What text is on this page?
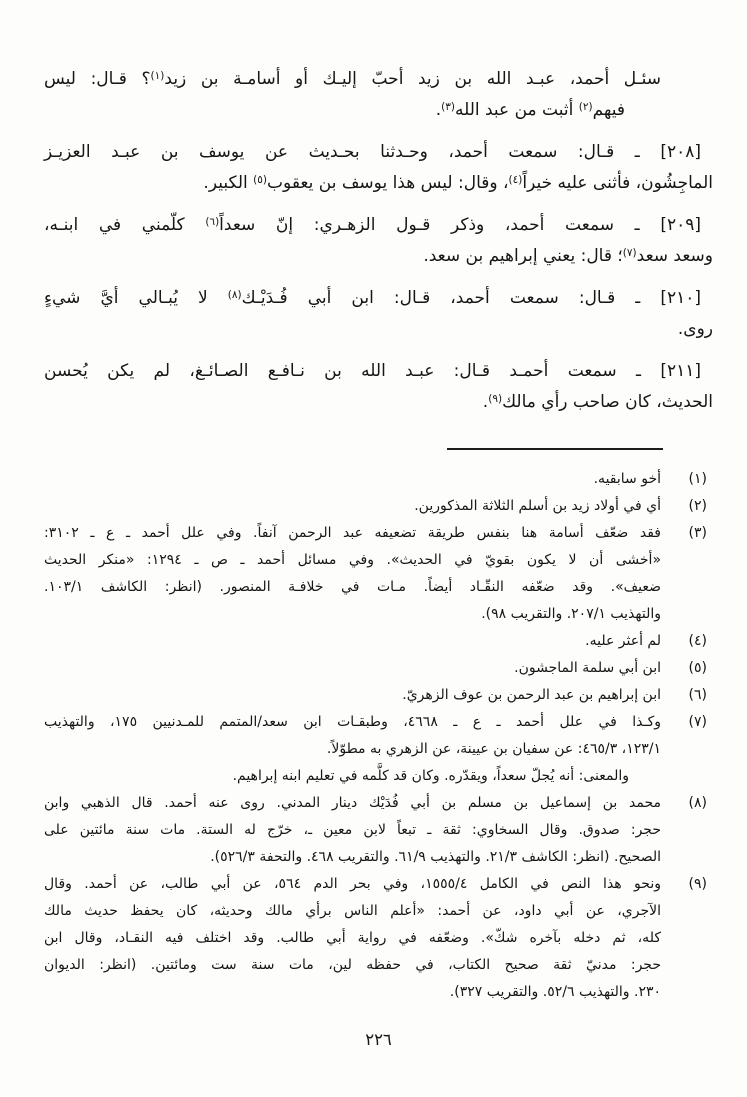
سئـل أحمد، عبـد الله بن زيد أحبّ إليـك أو أسامـة بن زيد$^{(١)}$؟ قـال: ليس
فيهم$^{(٢)}$ أثبت من عبد الله$^{(٣)}$.

[٢٠٨] ـ قـال: سمعت أحمد، وحـدثنا بحـديث عن يوسف بن عبـد العزيـز
الماجِشُون، فأثنى عليه خيراً$^{(٤)}$، وقال: ليس هذا يوسف بن يعقوب$^{(٥)}$ الكبير.

[٢٠٩] ـ سمعت أحمد، وذكر قـول الزهـري: إنّ سعداً$^{(٦)}$ كلّمني في ابنـه،
وسعد سعد$^{(٧)}$؛ قال: يعني إبراهيم بن سعد.

[٢١٠] ـ قـال: سمعت أحمد، قـال: ابن أبي فُـدَيْـك$^{(٨)}$ لا يُبـالي أيَّ شيءٍ
روى.

[٢١١] ـ سمعت أحمـد قـال: عبـد الله بن نـافـع الصـائـغ، لم يكن يُحسن
الحديث، كان صاحب رأي مالك$^{(٩)}$.

(١)
أخو سابقيه.
(٢)
أي في أولاد زيد بن أسلم الثلاثة المذكورين.
(٣)
فقد ضعّف أسامة هنا بنفس طريقة تضعيفه عبد الرحمن آنفاً. وفي علل أحمد ـ ع ـ ٣١٠٢:
«أخشى أن لا يكون بقويّ في الحديث». وفي مسائل أحمد ـ ص ـ ١٢٩٤: «منكر الحديث
ضعيف». وقد ضعّفه النقّـاد أيضاً. مـات في خلافـة المنصور. (انظر: الكاشف ١٠٣/١.
والتهذيب ٢٠٧/١. والتقريب ٩٨).
(٤)
لم أعثر عليه.
(٥)
ابن أبي سلمة الماجشون.
(٦)
ابن إبراهيم بن عبد الرحمن بن عوف الزهريّ.
(٧)
وكـذا في علل أحمد ـ ع ـ ٤٦٦٨، وطبقـات ابن سعد/المتمم للمـدنيين ١٧٥، والتهذيب
١٢٣/١، ٤٦٥/٣: عن سفيان بن عيينة، عن الزهري به مطوّلاً.
والمعنى: أنه يُجلّ سعداً، ويقدّره. وكان قد كلَّمه في تعليم ابنه إبراهيم.
(٨)
محمد بن إسماعيل بن مسلم بن أبي فُدَيْك دينار المدني. روى عنه أحمد. قال الذهبي وابن
حجر: صدوق. وقال السخاوي: ثقة ـ تبعاً لابن معين ـ، خرّج له الستة. مات سنة مائتين على
الصحيح. (انظر: الكاشف ٢١/٣. والتهذيب ٦١/٩. والتقريب ٤٦٨. والتحفة ٥٢٦/٣).
(٩)
ونحو هذا النص في الكامل ١٥٥٥/٤، وفي بحر الدم ٥٦٤، عن أبي طالب، عن أحمد. وقال
الآجري، عن أبي داود، عن أحمد: «أعلم الناس برأي مالك وحديثه، كان يحفظ حديث مالك
كله، ثم دخله بآخره شكّ». وضعّفه في رواية أبي طالب. وقد اختلف فيه النقـاد، وقال ابن
حجر: مدنيّ ثقة صحيح الكتاب، في حفظه لين، مات سنة ست ومائتين. (انظر: الديوان
٢٣٠. والتهذيب ٥٢/٦. والتقريب ٣٢٧).
٢٢٦
